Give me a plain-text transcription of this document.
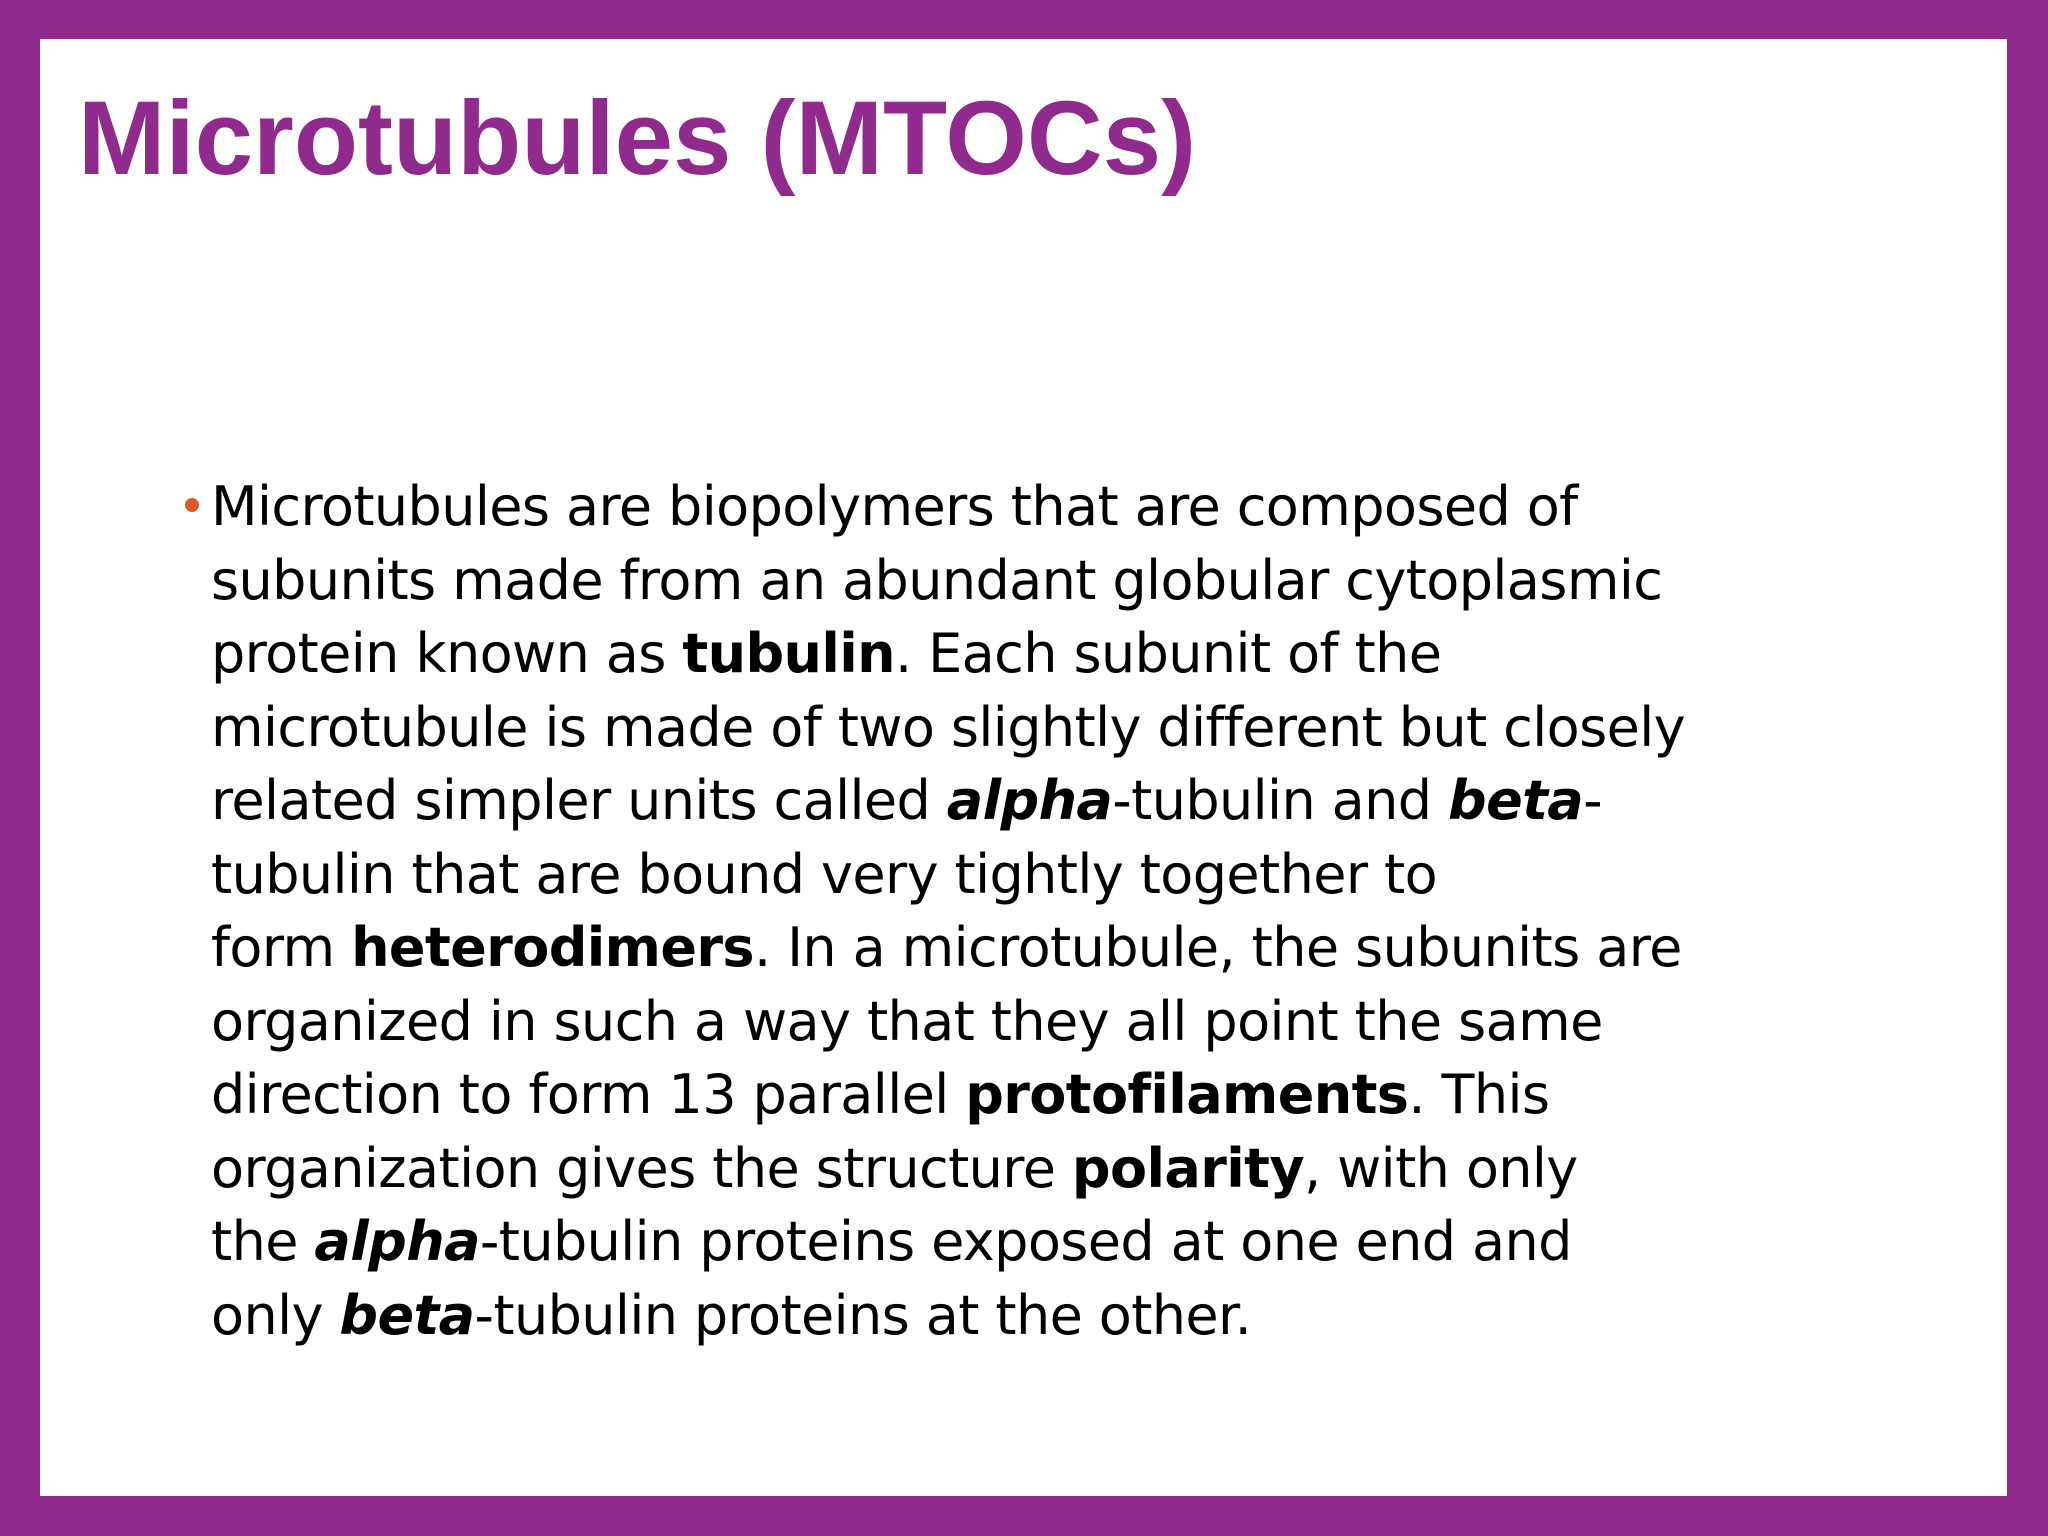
Microtubules (MTOCs)
Microtubules are biopolymers that are composed of
subunits made from an abundant globular cytoplasmic
protein known as tubulin. Each subunit of the
microtubule is made of two slightly different but closely
related simpler units called alpha-tubulin and beta-
tubulin that are bound very tightly together to
form heterodimers. In a microtubule, the subunits are
organized in such a way that they all point the same
direction to form 13 parallel protofilaments. This
organization gives the structure polarity, with only
the alpha-tubulin proteins exposed at one end and
only beta-tubulin proteins at the other.
